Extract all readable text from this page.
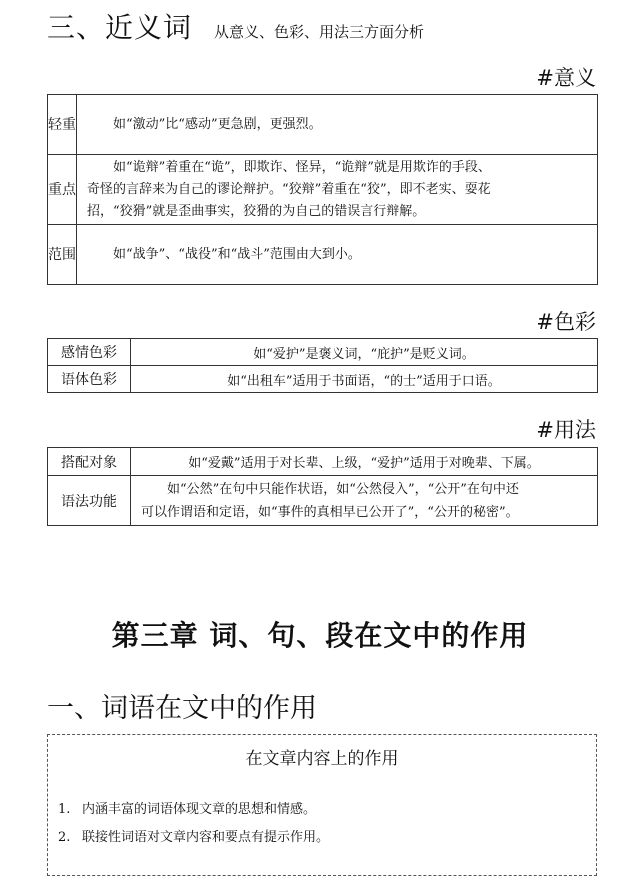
三、近义词 从意义、色彩、用法三方面分析
#意义
轻重	如“激动”比“感动”更急剧，更强烈。
重点	如“诡辩”着重在“诡”，即欺诈、怪异，“诡辩”就是用欺诈的手段、
奇怪的言辞来为自己的谬论辩护。“狡辩”着重在“狡”，即不老实、耍花
招，“狡猾”就是歪曲事实，狡猾的为自己的错误言行辩解。

范围	如“战争”、“战役”和“战斗”范围由大到小。
#色彩
感情色彩	如“爱护”是褒义词，“庇护”是贬义词。
语体色彩	如“出租车”适用于书面语，“的士”适用于口语。
#用法
搭配对象	如“爱戴”适用于对长辈、上级，“爱护”适用于对晚辈、下属。
语法功能	如“公然”在句中只能作状语，如“公然侵入”，“公开”在句中还
可以作谓语和定语，如“事件的真相早已公开了”，“公开的秘密”。
第三章 词、句、段在文中的作用
一、词语在文中的作用
在文章内容上的作用
1. 内涵丰富的词语体现文章的思想和情感。
2. 联接性词语对文章内容和要点有提示作用。
